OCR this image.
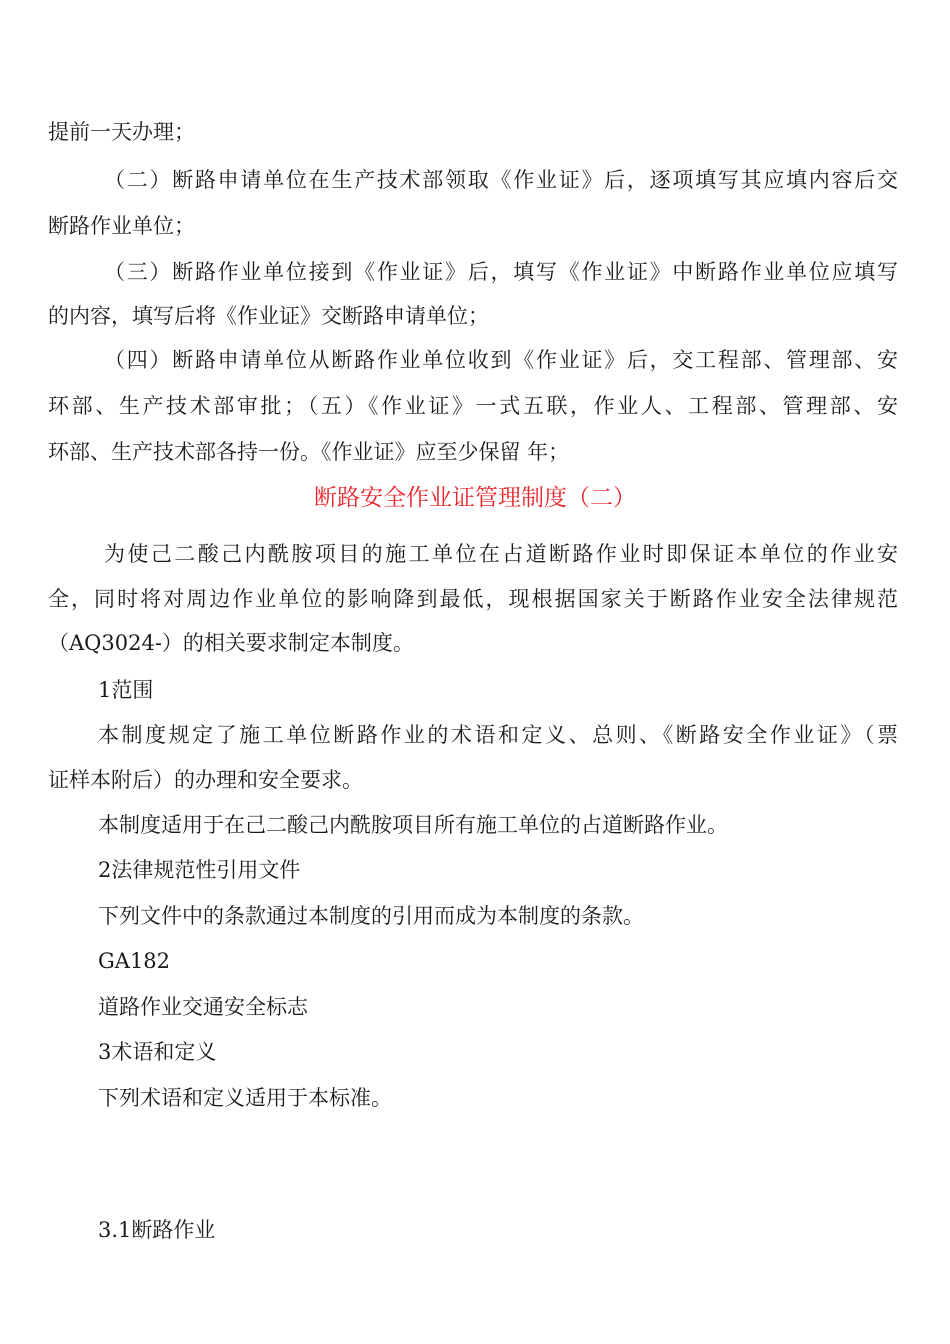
提前一天办理；
（二）断路申请单位在生产技术部领取《作业证》后，逐项填写其应填内容后交
断路作业单位；
（三）断路作业单位接到《作业证》后，填写《作业证》中断路作业单位应填写
的内容，填写后将《作业证》交断路申请单位；
（四）断路申请单位从断路作业单位收到《作业证》后，交工程部、管理部、安
环部、生产技术部审批；（五）《作业证》一式五联，作业人、工程部、管理部、安
环部、生产技术部各持一份。《作业证》应至少保留 年；
断路安全作业证管理制度（二）
为使己二酸己内酰胺项目的施工单位在占道断路作业时即保证本单位的作业安
全，同时将对周边作业单位的影响降到最低，现根据国家关于断路作业安全法律规范
（AQ3024-）的相关要求制定本制度。
1范围
本制度规定了施工单位断路作业的术语和定义、总则、《断路安全作业证》（票
证样本附后）的办理和安全要求。
本制度适用于在己二酸己内酰胺项目所有施工单位的占道断路作业。
2法律规范性引用文件
下列文件中的条款通过本制度的引用而成为本制度的条款。
GA182
道路作业交通安全标志
3术语和定义
下列术语和定义适用于本标准。
3.1断路作业
